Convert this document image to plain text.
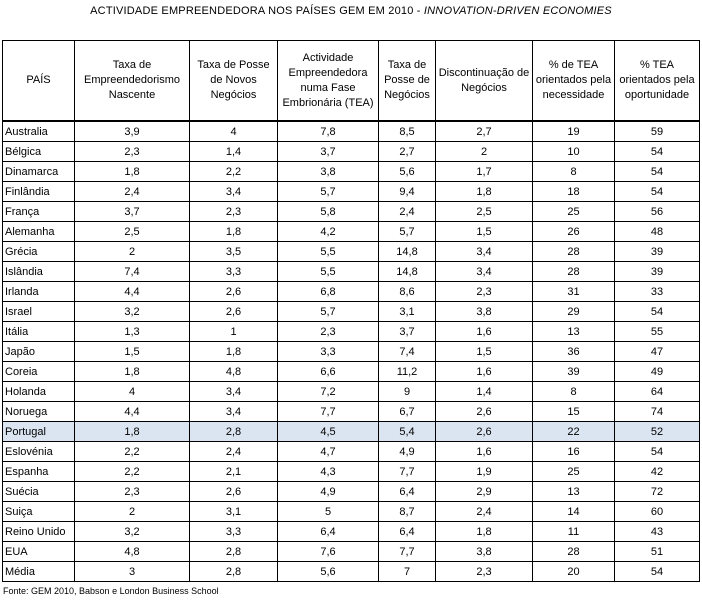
ACTIVIDADE EMPREENDEDORA NOS PAÍSES GEM EM 2010 - INNOVATION-DRIVEN ECONOMIES
PAÍS	Taxa de Empreendedorismo Nascente	Taxa de Posse de Novos Negócios	Actividade Empreendedora numa Fase Embrionária (TEA)	Taxa de Posse de Negócios	Discontinuação de Negócios	% de TEA orientados pela necessidade	% TEA orientados pela oportunidade
Australia	3,9	4	7,8	8,5	2,7	19	59
Bélgica	2,3	1,4	3,7	2,7	2	10	54
Dinamarca	1,8	2,2	3,8	5,6	1,7	8	54
Finlândia	2,4	3,4	5,7	9,4	1,8	18	54
França	3,7	2,3	5,8	2,4	2,5	25	56
Alemanha	2,5	1,8	4,2	5,7	1,5	26	48
Grécia	2	3,5	5,5	14,8	3,4	28	39
Islândia	7,4	3,3	5,5	14,8	3,4	28	39
Irlanda	4,4	2,6	6,8	8,6	2,3	31	33
Israel	3,2	2,6	5,7	3,1	3,8	29	54
Itália	1,3	1	2,3	3,7	1,6	13	55
Japão	1,5	1,8	3,3	7,4	1,5	36	47
Coreia	1,8	4,8	6,6	11,2	1,6	39	49
Holanda	4	3,4	7,2	9	1,4	8	64
Noruega	4,4	3,4	7,7	6,7	2,6	15	74
Portugal	1,8	2,8	4,5	5,4	2,6	22	52
Eslovénia	2,2	2,4	4,7	4,9	1,6	16	54
Espanha	2,2	2,1	4,3	7,7	1,9	25	42
Suécia	2,3	2,6	4,9	6,4	2,9	13	72
Suiça	2	3,1	5	8,7	2,4	14	60
Reino Unido	3,2	3,3	6,4	6,4	1,8	11	43
EUA	4,8	2,8	7,6	7,7	3,8	28	51
Média	3	2,8	5,6	7	2,3	20	54
Fonte: GEM 2010, Babson e London Business School
